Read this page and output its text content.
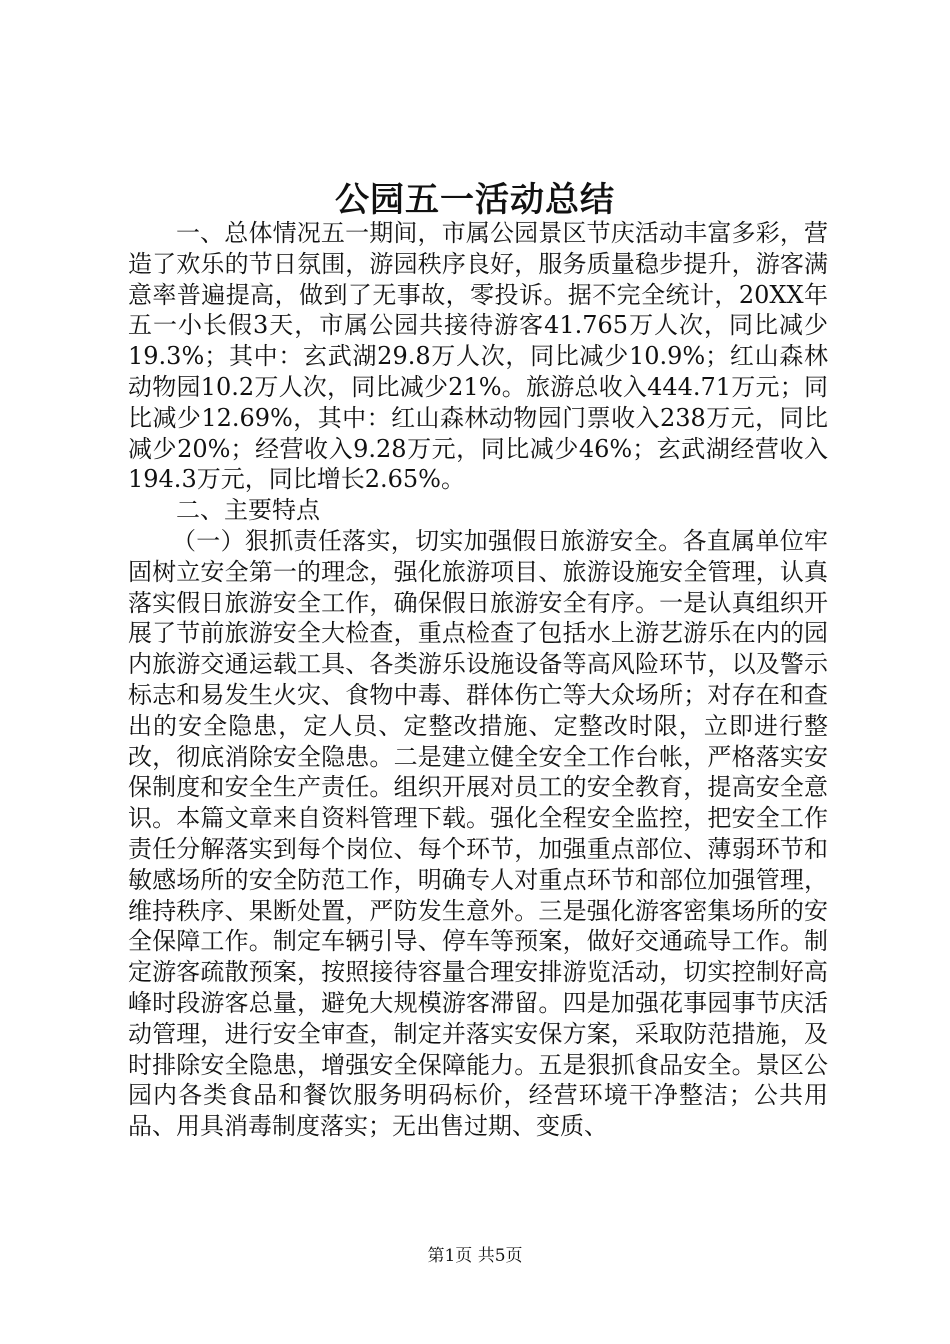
公园五一活动总结

一、总体情况五一期间，市属公园景区节庆活动丰富多彩，营造了欢乐的节日氛围，游园秩序良好，服务质量稳步提升，游客满意率普遍提高，做到了无事故，零投诉。据不完全统计，20XX年五一小长假3天，市属公园共接待游客41.765万人次，同比减少19.3%；其中：玄武湖29.8万人次，同比减少10.9%；红山森林动物园10.2万人次，同比减少21%。旅游总收入444.71万元；同比减少12.69%，其中：红山森林动物园门票收入238万元，同比减少20%；经营收入9.28万元，同比减少46%；玄武湖经营收入194.3万元，同比增长2.65%。

二、主要特点

（一）狠抓责任落实，切实加强假日旅游安全。各直属单位牢固树立安全第一的理念，强化旅游项目、旅游设施安全管理，认真落实假日旅游安全工作，确保假日旅游安全有序。一是认真组织开展了节前旅游安全大检查，重点检查了包括水上游艺游乐在内的园内旅游交通运载工具、各类游乐设施设备等高风险环节，以及警示标志和易发生火灾、食物中毒、群体伤亡等大众场所；对存在和查出的安全隐患，定人员、定整改措施、定整改时限，立即进行整改，彻底消除安全隐患。二是建立健全安全工作台帐，严格落实安保制度和安全生产责任。组织开展对员工的安全教育，提高安全意识。本篇文章来自资料管理下载。强化全程安全监控，把安全工作责任分解落实到每个岗位、每个环节，加强重点部位、薄弱环节和敏感场所的安全防范工作，明确专人对重点环节和部位加强管理，维持秩序、果断处置，严防发生意外。三是强化游客密集场所的安全保障工作。制定车辆引导、停车等预案，做好交通疏导工作。制定游客疏散预案，按照接待容量合理安排游览活动，切实控制好高峰时段游客总量，避免大规模游客滞留。四是加强花事园事节庆活动管理，进行安全审查，制定并落实安保方案，采取防范措施，及时排除安全隐患，增强安全保障能力。五是狠抓食品安全。景区公园内各类食品和餐饮服务明码标价，经营环境干净整洁；公共用品、用具消毒制度落实；无出售过期、变质、

第1页 共5页
